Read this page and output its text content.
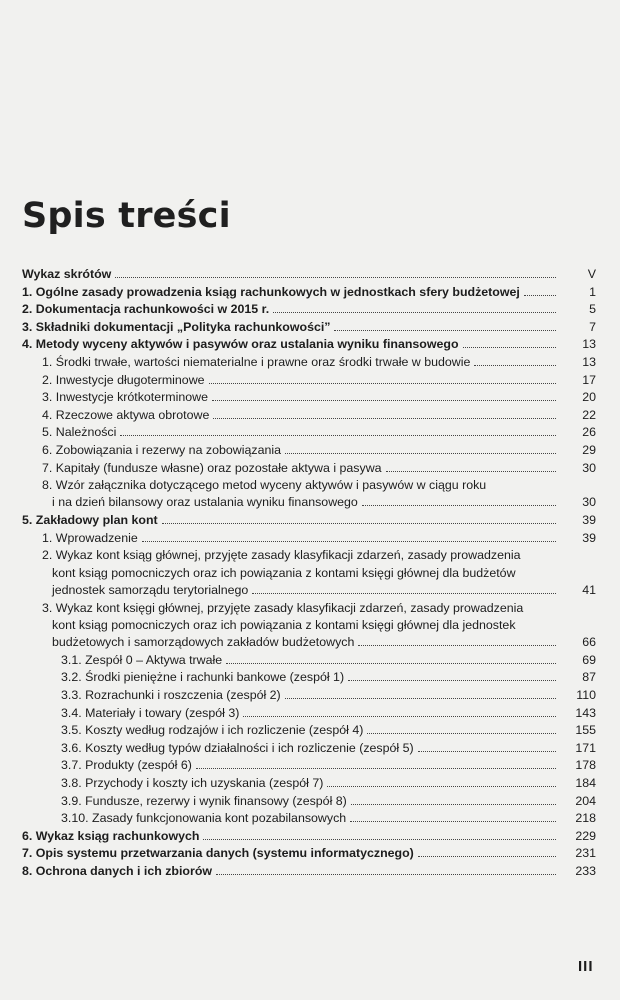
Spis treści
Wykaz skrótów	V
1. Ogólne zasady prowadzenia ksiąg rachunkowych w jednostkach sfery budżetowej	1
2. Dokumentacja rachunkowości w 2015 r.	5
3. Składniki dokumentacji „Polityka rachunkowości”	7
4. Metody wyceny aktywów i pasywów oraz ustalania wyniku finansowego	13
1. Środki trwałe, wartości niematerialne i prawne oraz środki trwałe w budowie	13
2. Inwestycje długoterminowe	17
3. Inwestycje krótkoterminowe	20
4. Rzeczowe aktywa obrotowe	22
5. Należności	26
6. Zobowiązania i rezerwy na zobowiązania	29
7. Kapitały (fundusze własne) oraz pozostałe aktywa i pasywa	30
8. Wzór załącznika dotyczącego metod wyceny aktywów i pasywów w ciągu roku
i na dzień bilansowy oraz ustalania wyniku finansowego	30
5. Zakładowy plan kont	39
1. Wprowadzenie	39
2. Wykaz kont ksiąg głównej, przyjęte zasady klasyfikacji zdarzeń, zasady prowadzenia
kont ksiąg pomocniczych oraz ich powiązania z kontami księgi głównej dla budżetów
jednostek samorządu terytorialnego	41
3. Wykaz kont księgi głównej, przyjęte zasady klasyfikacji zdarzeń, zasady prowadzenia
kont ksiąg pomocniczych oraz ich powiązania z kontami księgi głównej dla jednostek
budżetowych i samorządowych zakładów budżetowych	66
3.1. Zespół 0 – Aktywa trwałe	69
3.2. Środki pieniężne i rachunki bankowe (zespół 1)	87
3.3. Rozrachunki i roszczenia (zespół 2)	110
3.4. Materiały i towary (zespół 3)	143
3.5. Koszty według rodzajów i ich rozliczenie (zespół 4)	155
3.6. Koszty według typów działalności i ich rozliczenie (zespół 5)	171
3.7. Produkty (zespół 6)	178
3.8. Przychody i koszty ich uzyskania (zespół 7)	184
3.9. Fundusze, rezerwy i wynik finansowy (zespół 8)	204
3.10. Zasady funkcjonowania kont pozabilansowych	218
6. Wykaz ksiąg rachunkowych	229
7. Opis systemu przetwarzania danych (systemu informatycznego)	231
8. Ochrona danych i ich zbiorów	233
III
